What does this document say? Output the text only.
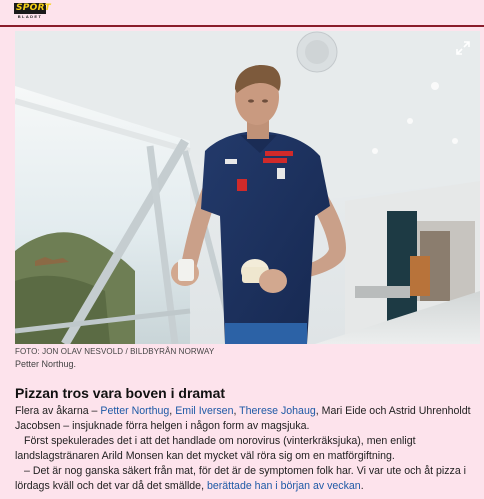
SPORT
BLADET
FOTO: JON OLAV NESVOLD / BILDBYRÅN NORWAY
Petter Northug.
Pizzan tros vara boven i dramat

Flera av åkarna – Petter Northug, Emil Iversen, Therese Johaug, Mari Eide och Astrid Uhrenholdt Jacobsen – insjuknade förra helgen i någon form av magsjuka.

Först spekulerades det i att det handlade om norovirus (vinterkräksjuka), men enligt landslagstränaren Arild Monsen kan det mycket väl röra sig om en matförgiftning.

– Det är nog ganska säkert från mat, för det är de symptomen folk har. Vi var ute och åt pizza i lördags kväll och det var då det smällde, berättade han i början av veckan.
